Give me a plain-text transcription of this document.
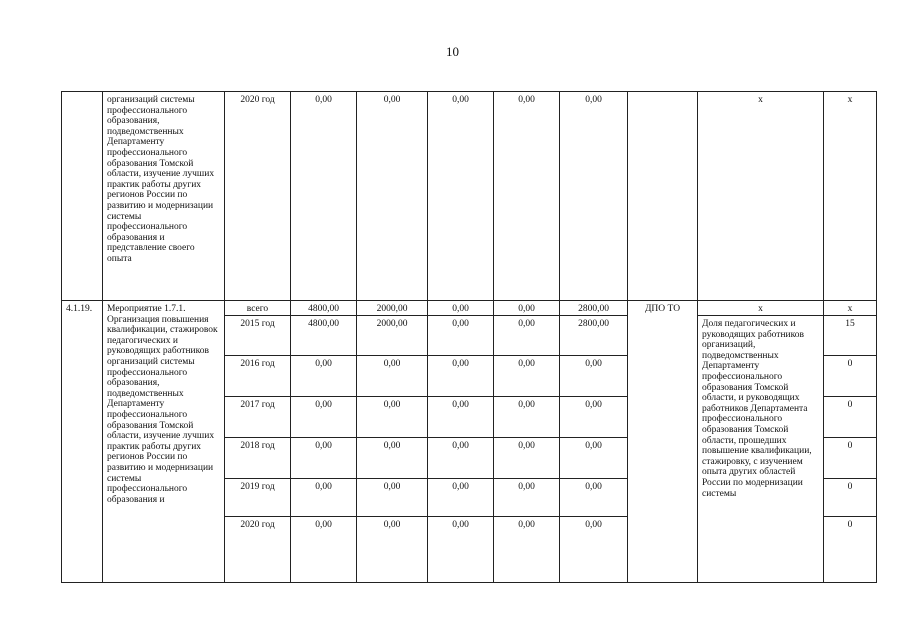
10
	организаций системы профессионального образования, подведомственных Департаменту профессионального образования Томской области, изучение лучших практик работы других регионов России по развитию и модернизации системы профессионального образования и представление своего опыта	2020 год	0,00	0,00	0,00	0,00	0,00		x	x
4.1.19.	Мероприятие 1.7.1. Организация повышения квалификации, стажировок педагогических и руководящих работников организаций системы профессионального образования, подведомственных Департаменту профессионального образования Томской области, изучение лучших практик работы других регионов России по развитию и модернизации системы профессионального образования и	всего	4800,00	2000,00	0,00	0,00	2800,00	ДПО ТО	x	x
		2015 год	4800,00	2000,00	0,00	0,00	2800,00		Доля педагогических и руководящих работников организаций, подведомственных Департаменту профессионального образования Томской области, и руководящих работников Департамента профессионального образования Томской области, прошедших повышение квалификации, стажировку, с изучением опыта других областей России по модернизации системы	15
		2016 год	0,00	0,00	0,00	0,00	0,00			0
		2017 год	0,00	0,00	0,00	0,00	0,00			0
		2018 год	0,00	0,00	0,00	0,00	0,00			0
		2019 год	0,00	0,00	0,00	0,00	0,00			0
		2020 год	0,00	0,00	0,00	0,00	0,00			0
